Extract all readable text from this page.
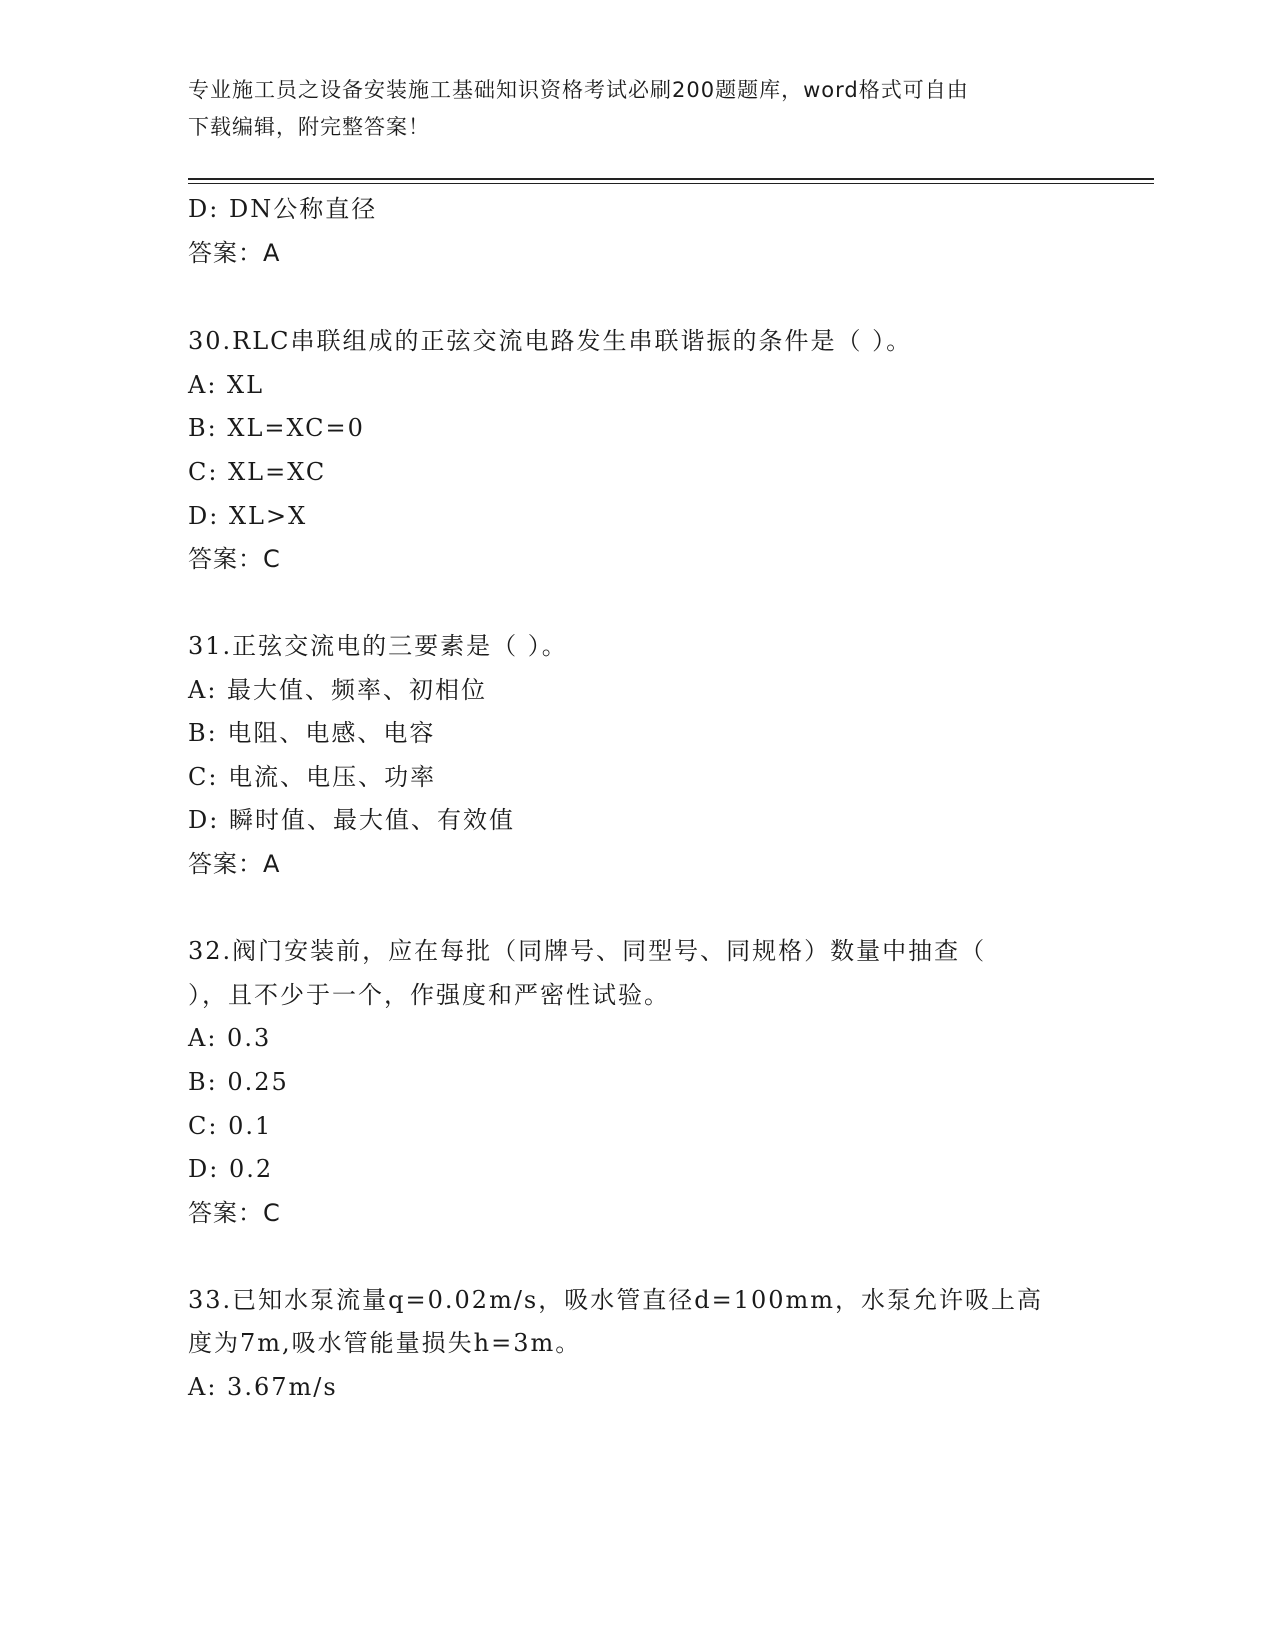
专业施工员之设备安装施工基础知识资格考试必刷200题题库，word格式可自由
下载编辑，附完整答案！
D: DN公称直径
答案：A
30.RLC串联组成的正弦交流电路发生串联谐振的条件是（ ）。
A: XL
B: XL=XC=0
C: XL=XC
D: XL>X
答案：C
31.正弦交流电的三要素是（ ）。
A: 最大值、频率、初相位
B: 电阻、电感、电容
C: 电流、电压、功率
D: 瞬时值、最大值、有效值
答案：A
32.阀门安装前，应在每批（同牌号、同型号、同规格）数量中抽查（
），且不少于一个，作强度和严密性试验。
A: 0.3
B: 0.25
C: 0.1
D: 0.2
答案：C
33.已知水泵流量q=0.02m/s，吸水管直径d=100mm，水泵允许吸上高
度为7m,吸水管能量损失h=3m。
A: 3.67m/s
